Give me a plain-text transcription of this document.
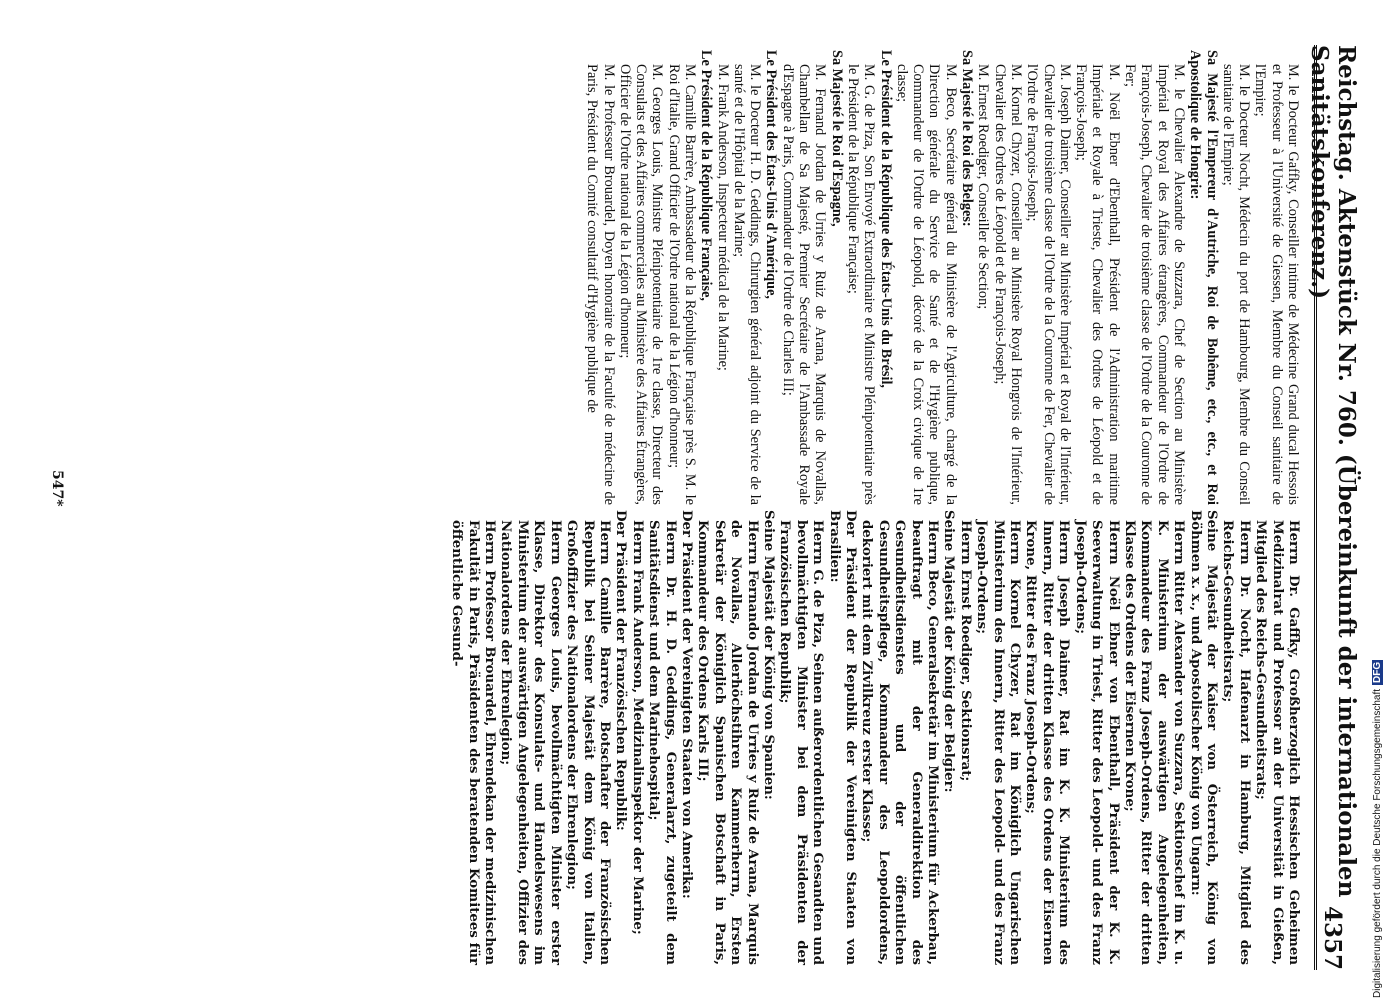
Reichstag. Aktenstück Nr. 760. (Übereinkunft der internationalen Sanitätskonferenz.)
4357

M. le Docteur Gaffky, Conseiller intime de Médecine Grand ducal Hessois et Professeur à l'Université de Giessen, Membre du Conseil sanitaire de l'Empire;

M. le Docteur Nocht, Médecin du port de Hambourg, Membre du Conseil sanitaire de l'Empire;

Sa Majesté l'Empereur d'Autriche, Roi de Bohême, etc., etc., et Roi Apostolique de Hongrie:

M. le Chevalier Alexandre de Suzzara, Chef de Section au Ministère Impérial et Royal des Affaires étrangères, Commandeur de l'Ordre de François-Joseph, Chevalier de troisième classe de l'Ordre de la Couronne de Fer;

M. Noël Ebner d'Ebenthall, Président de l'Administration maritime Impériale et Royale à Trieste, Chevalier des Ordres de Léopold et de François-Joseph;

M. Joseph Daimer, Conseiller au Ministère Impérial et Royal de l'Intérieur, Chevalier de troisième classe de l'Ordre de la Couronne de Fer, Chevalier de l'Ordre de François-Joseph;

M. Kornel Chyzer, Conseiller au Ministère Royal Hongrois de l'Intérieur, Chevalier des Ordres de Léopold et de François-Joseph;

M. Ernest Roediger, Conseiller de Section;

Sa Majesté le Roi des Belges:

M. Beco, Secrétaire général du Ministère de l'Agriculture, chargé de la Direction générale du Service de Santé et de l'Hygiène publique, Commandeur de l'Ordre de Léopold, décoré de la Croix civique de 1re classe;

Le Président de la République des États-Unis du Brésil,

M. G. de Piza, Son Envoyé Extraordinaire et Ministre Plénipotentiaire près le Président de la République Française;

Sa Majesté le Roi d'Espagne,

M. Fernand Jordan de Urries y Ruiz de Arana, Marquis de Novallas, Chambellan de Sa Majesté, Premier Secrétaire de l'Ambassade Royale d'Espagne à Paris, Commandeur de l'Ordre de Charles III;

Le Président des États-Unis d'Amérique,

M. le Docteur H. D. Geddings, Chirurgien général adjoint du Service de la santé et de l'Hôpital de la Marine;

M. Frank Anderson, Inspecteur médical de la Marine;

Le Président de la République Française,

M. Camille Barrère, Ambassadeur de la République Française près S. M. le Roi d'Italie, Grand Officier de l'Ordre national de la Légion d'honneur;

M. Georges Louis, Ministre Plénipotentiaire de 1re classe, Directeur des Consulats et des Affaires commerciales au Ministère des Affaires Étrangères, Officier de l'Ordre national de la Légion d'honneur;

M. le Professeur Brouardel, Doyen honoraire de la Faculté de médecine de Paris, Président du Comité consultatif d'Hygiène publique de

Herrn Dr. Gaffky, Großherzoglich Hessischen Geheimen Medizinalrat und Professor an der Universität in Gießen, Mitglied des Reichs-Gesundheitsrats;

Herrn Dr. Nocht, Hafenarzt in Hamburg, Mitglied des Reichs-Gesundheitsrats;

Seine Majestät der Kaiser von Österreich, König von Böhmen x. x., und Apostolischer König von Ungarn:

Herrn Ritter Alexander von Suzzara, Sektionschef im K. u. K. Ministerium der auswärtigen Angelegenheiten, Kommandeur des Franz Joseph-Ordens, Ritter der dritten Klasse des Ordens der Eisernen Krone;

Herrn Noël Ebner von Ebenthall, Präsident der K. K. Seeverwaltung in Triest, Ritter des Leopold- und des Franz Joseph-Ordens;

Herrn Joseph Daimer, Rat im K. K. Ministerium des Innern, Ritter der dritten Klasse des Ordens der Eisernen Krone, Ritter des Franz Joseph-Ordens;

Herrn Kornel Chyzer, Rat im Königlich Ungarischen Ministerium des Innern, Ritter des Leopold- und des Franz Joseph-Ordens;

Herrn Ernst Roediger, Sektionsrat;

Seine Majestät der König der Belgier:

Herrn Beco, Generalsekretär im Ministerium für Ackerbau, beauftragt mit der Generaldirektion des Gesundheitsdienstes und der öffentlichen Gesundheitspflege, Kommandeur des Leopoldordens, dekoriert mit dem Zivilkreuz erster Klasse;

Der Präsident der Republik der Vereinigten Staaten von Brasilien:

Herrn G. de Piza, Seinen außerordentlichen Gesandten und bevollmächtigten Minister bei dem Präsidenten der Französischen Republik;

Seine Majestät der König von Spanien:

Herrn Fernando Jordan de Urries y Ruiz de Arana, Marquis de Novallas, Allerhöchstihren Kammerherrn, Ersten Sekretär der Königlich Spanischen Botschaft in Paris, Kommandeur des Ordens Karls III;

Der Präsident der Vereinigten Staaten von Amerika:

Herrn Dr. H. D. Geddings, Generalarzt, zugeteilt dem Sanitätsdienst und dem Marinehospital;

Herrn Frank Anderson, Medizinalinspektor der Marine;

Der Präsident der Französischen Republik:

Herrn Camille Barrère, Botschafter der Französischen Republik bei Seiner Majestät dem König von Italien, Großoffizier des Nationalordens der Ehrenlegion;

Herrn Georges Louis, bevollmächtigten Minister erster Klasse, Direktor des Konsulats- und Handelswesens im Ministerium der auswärtigen Angelegenheiten, Offizier des Nationalordens der Ehrenlegion;

Herrn Professor Brouardel, Ehrendekan der medizinischen Fakultät in Paris, Präsidenten des beratenden Komitees für öffentliche Gesund-

547*
Digitalisierung gefördert durch die Deutsche ForschungsgemeinschaftDFG
